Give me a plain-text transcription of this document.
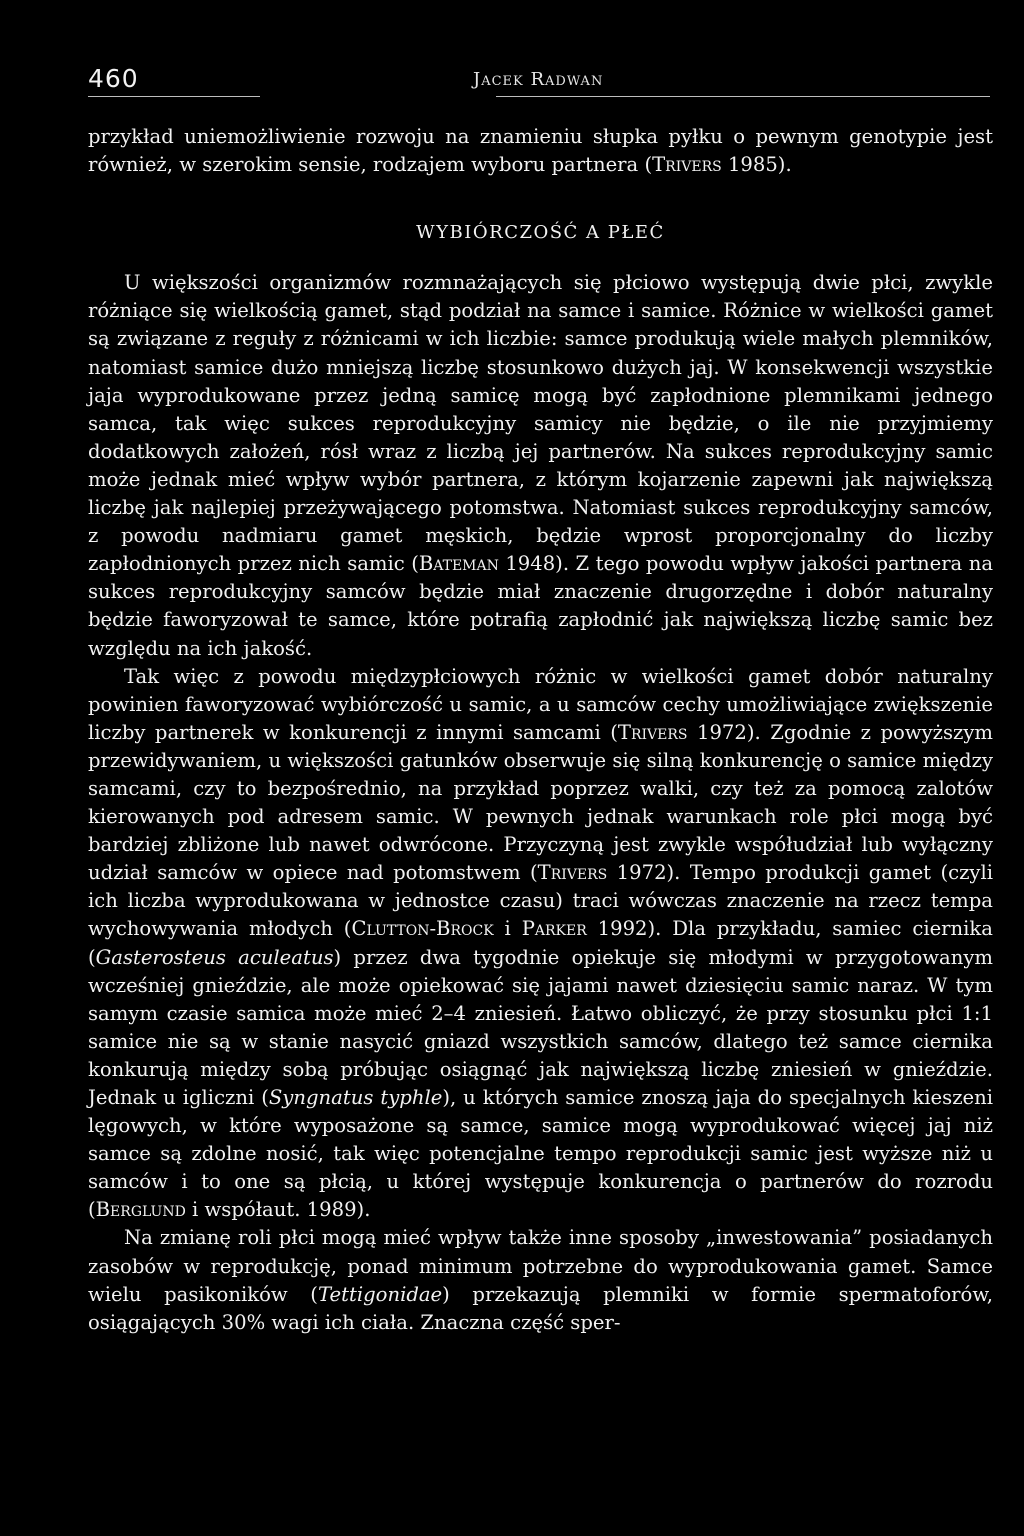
460	Jacek Radwan

przykład uniemożliwienie rozwoju na znamieniu słupka pyłku o pewnym genotypie jest również, w szerokim sensie, rodzajem wyboru partnera (Trivers 1985).

WYBIÓRCZOŚĆ A PŁEĆ

U większości organizmów rozmnażających się płciowo występują dwie płci, zwykle różniące się wielkością gamet, stąd podział na samce i samice. Różnice w wielkości gamet są związane z reguły z różnicami w ich liczbie: samce produkują wiele małych plemników, natomiast samice dużo mniejszą liczbę stosunkowo dużych jaj. W konsekwencji wszystkie jaja wyprodukowane przez jedną samicę mogą być zapłodnione plemnikami jednego samca, tak więc sukces reprodukcyjny samicy nie będzie, o ile nie przyjmiemy dodatkowych założeń, rósł wraz z liczbą jej partnerów. Na sukces reprodukcyjny samic może jednak mieć wpływ wybór partnera, z którym kojarzenie zapewni jak największą liczbę jak najlepiej przeżywającego potomstwa. Natomiast sukces reprodukcyjny samców, z powodu nadmiaru gamet męskich, będzie wprost proporcjonalny do liczby zapłodnionych przez nich samic (Bateman 1948). Z tego powodu wpływ jakości partnera na sukces reprodukcyjny samców będzie miał znaczenie drugorzędne i dobór naturalny będzie faworyzował te samce, które potrafią zapłodnić jak największą liczbę samic bez względu na ich jakość.

Tak więc z powodu międzypłciowych różnic w wielkości gamet dobór naturalny powinien faworyzować wybiórczość u samic, a u samców cechy umożliwiające zwiększenie liczby partnerek w konkurencji z innymi samcami (Trivers 1972). Zgodnie z powyższym przewidywaniem, u większości gatunków obserwuje się silną konkurencję o samice między samcami, czy to bezpośrednio, na przykład poprzez walki, czy też za pomocą zalotów kierowanych pod adresem samic. W pewnych jednak warunkach role płci mogą być bardziej zbliżone lub nawet odwrócone. Przyczyną jest zwykle współudział lub wyłączny udział samców w opiece nad potomstwem (Trivers 1972). Tempo produkcji gamet (czyli ich liczba wyprodukowana w jednostce czasu) traci wówczas znaczenie na rzecz tempa wychowywania młodych (Clutton-Brock i Parker 1992). Dla przykładu, samiec ciernika (Gasterosteus aculeatus) przez dwa tygodnie opiekuje się młodymi w przygotowanym wcześniej gnieździe, ale może opiekować się jajami nawet dziesięciu samic naraz. W tym samym czasie samica może mieć 2–4 zniesień. Łatwo obliczyć, że przy stosunku płci 1:1 samice nie są w stanie nasycić gniazd wszystkich samców, dlatego też samce ciernika konkurują między sobą próbując osiągnąć jak największą liczbę zniesień w gnieździe. Jednak u igliczni (Syngnatus typhle), u których samice znoszą jaja do specjalnych kieszeni lęgowych, w które wyposażone są samce, samice mogą wyprodukować więcej jaj niż samce są zdolne nosić, tak więc potencjalne tempo reprodukcji samic jest wyższe niż u samców i to one są płcią, u której występuje konkurencja o partnerów do rozrodu (Berglund i współaut. 1989).

Na zmianę roli płci mogą mieć wpływ także inne sposoby „inwestowania” posiadanych zasobów w reprodukcję, ponad minimum potrzebne do wyprodukowania gamet. Samce wielu pasikoników (Tettigonidae) przekazują plemniki w formie spermatoforów, osiągających 30% wagi ich ciała. Znaczna część sper-
